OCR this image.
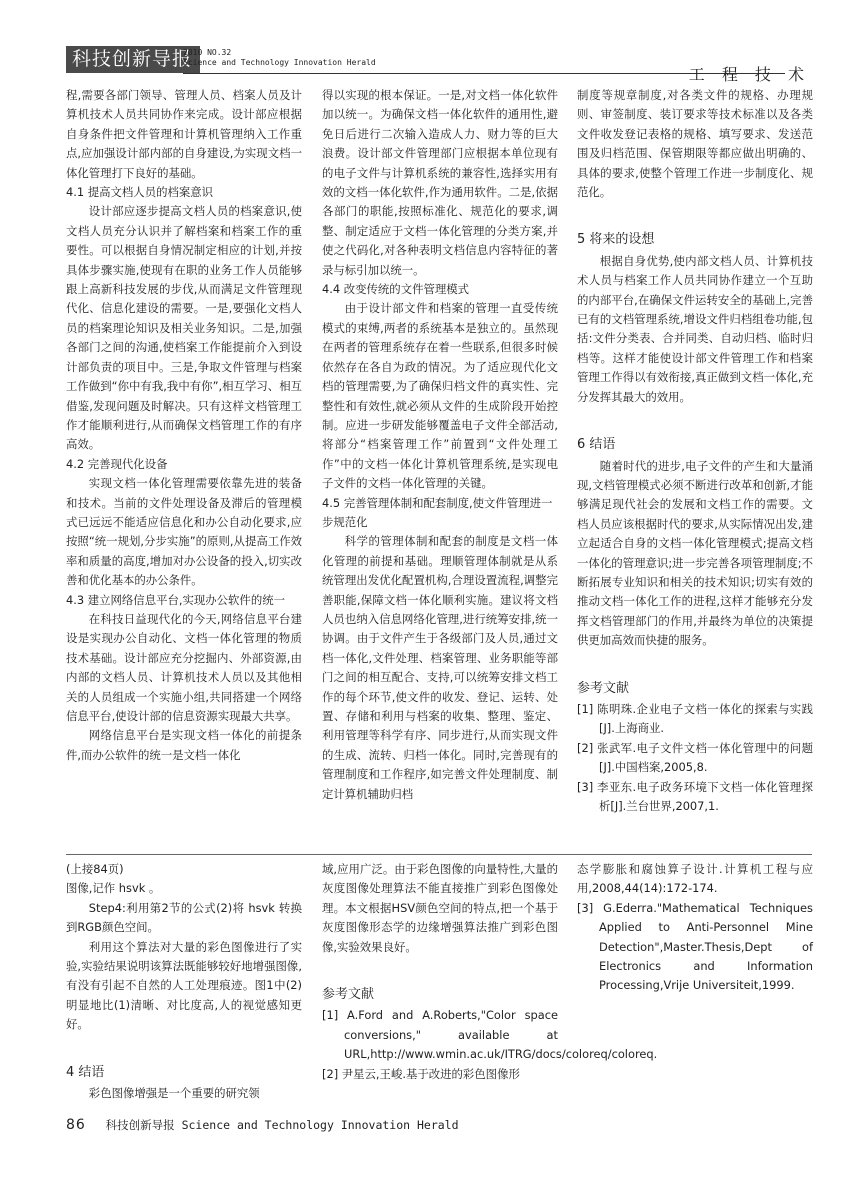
科技创新导报
2010 NO.32
Science and Technology Innovation Herald
工 程 技 术

程,需要各部门领导、管理人员、档案人员及计算机技术人员共同协作来完成。设计部应根据自身条件把文件管理和计算机管理纳入工作重点,应加强设计部内部的自身建设,为实现文档一体化管理打下良好的基础。

4.1 提高文档人员的档案意识

设计部应逐步提高文档人员的档案意识,使文档人员充分认识并了解档案和档案工作的重要性。可以根据自身情况制定相应的计划,并按具体步骤实施,使现有在职的业务工作人员能够跟上高新科技发展的步伐,从而满足文件管理现代化、信息化建设的需要。一是,要强化文档人员的档案理论知识及相关业务知识。二是,加强各部门之间的沟通,使档案工作能提前介入到设计部负责的项目中。三是,争取文件管理与档案工作做到“你中有我,我中有你”,相互学习、相互借鉴,发现问题及时解决。只有这样文档管理工作才能顺利进行,从而确保文档管理工作的有序高效。

4.2 完善现代化设备

实现文档一体化管理需要依靠先进的装备和技术。当前的文件处理设备及滞后的管理模式已远远不能适应信息化和办公自动化要求,应按照“统一规划,分步实施”的原则,从提高工作效率和质量的高度,增加对办公设备的投入,切实改善和优化基本的办公条件。

4.3 建立网络信息平台,实现办公软件的统一

在科技日益现代化的今天,网络信息平台建设是实现办公自动化、文档一体化管理的物质技术基础。设计部应充分挖掘内、外部资源,由内部的文档人员、计算机技术人员以及其他相关的人员组成一个实施小组,共同搭建一个网络信息平台,使设计部的信息资源实现最大共享。

网络信息平台是实现文档一体化的前提条件,而办公软件的统一是文档一体化

得以实现的根本保证。一是,对文档一体化软件加以统一。为确保文档一体化软件的通用性,避免日后进行二次输入造成人力、财力等的巨大浪费。设计部文件管理部门应根据本单位现有的电子文件与计算机系统的兼容性,选择实用有效的文档一体化软件,作为通用软件。二是,依据各部门的职能,按照标准化、规范化的要求,调整、制定适应于文档一体化管理的分类方案,并使之代码化,对各种表明文档信息内容特征的著录与标引加以统一。

4.4 改变传统的文件管理模式

由于设计部文件和档案的管理一直受传统模式的束缚,两者的系统基本是独立的。虽然现在两者的管理系统存在着一些联系,但很多时候依然存在各自为政的情况。为了适应现代化文档的管理需要,为了确保归档文件的真实性、完整性和有效性,就必须从文件的生成阶段开始控制。应进一步研发能够覆盖电子文件全部活动,将部分“档案管理工作”前置到“文件处理工作”中的文档一体化计算机管理系统,是实现电子文件的文档一体化管理的关键。

4.5 完善管理体制和配套制度,使文件管理进一步规范化

科学的管理体制和配套的制度是文档一体化管理的前提和基础。理顺管理体制就是从系统管理出发优化配置机构,合理设置流程,调整完善职能,保障文档一体化顺利实施。建议将文档人员也纳入信息网络化管理,进行统筹安排,统一协调。由于文件产生于各级部门及人员,通过文档一体化,文件处理、档案管理、业务职能等部门之间的相互配合、支持,可以统筹安排文档工作的每个环节,使文件的收发、登记、运转、处置、存储和利用与档案的收集、整理、鉴定、利用管理等科学有序、同步进行,从而实现文件的生成、流转、归档一体化。同时,完善现有的管理制度和工作程序,如完善文件处理制度、制定计算机辅助归档

制度等规章制度,对各类文件的规格、办理规则、审签制度、装订要求等技术标准以及各类文件收发登记表格的规格、填写要求、发送范围及归档范围、保管期限等都应做出明确的、具体的要求,使整个管理工作进一步制度化、规范化。

5 将来的设想

根据自身优势,使内部文档人员、计算机技术人员与档案工作人员共同协作建立一个互助的内部平台,在确保文件运转安全的基础上,完善已有的文档管理系统,增设文件归档组卷功能,包括:文件分类表、合并同类、自动归档、临时归档等。这样才能使设计部文件管理工作和档案管理工作得以有效衔接,真正做到文档一体化,充分发挥其最大的效用。

6 结语

随着时代的进步,电子文件的产生和大量涌现,文档管理模式必须不断进行改革和创新,才能够满足现代社会的发展和文档工作的需要。文档人员应该根据时代的要求,从实际情况出发,建立起适合自身的文档一体化管理模式;提高文档一体化的管理意识;进一步完善各项管理制度;不断拓展专业知识和相关的技术知识;切实有效的推动文档一体化工作的进程,这样才能够充分发挥文档管理部门的作用,并最终为单位的决策提供更加高效而快捷的服务。

参考文献

[1] 陈明珠.企业电子文档一体化的探索与实践[J].上海商业.

[2] 张武军.电子文件文档一体化管理中的问题[J].中国档案,2005,8.

[3] 李亚东.电子政务环境下文档一体化管理探析[J].兰台世界,2007,1.

(上接84页)

图像,记作 hsvk 。

Step4:利用第2节的公式(2)将 hsvk 转换到RGB颜色空间。

利用这个算法对大量的彩色图像进行了实验,实验结果说明该算法既能够较好地增强图像,有没有引起不自然的人工处理痕迹。图1中(2)明显地比(1)清晰、对比度高,人的视觉感知更好。

4 结语

彩色图像增强是一个重要的研究领

域,应用广泛。由于彩色图像的向量特性,大量的灰度图像处理算法不能直接推广到彩色图像处理。本文根据HSV颜色空间的特点,把一个基于灰度图像形态学的边缘增强算法推广到彩色图像,实验效果良好。

参考文献

[1] A.Ford and A.Roberts,"Color space conversions," available at URL,http://www.wmin.ac.uk/ITRG/docs/coloreq/coloreq.

[2] 尹星云,王峻.基于改进的彩色图像形

态学膨胀和腐蚀算子设计.计算机工程与应用,2008,44(14):172-174.

[3] G.Ederra."Mathematical Techniques Applied to Anti-Personnel Mine Detection",Master.Thesis,Dept of Electronics and Information Processing,Vrije Universiteit,1999.

86 科技创新导报 Science and Technology Innovation Herald
